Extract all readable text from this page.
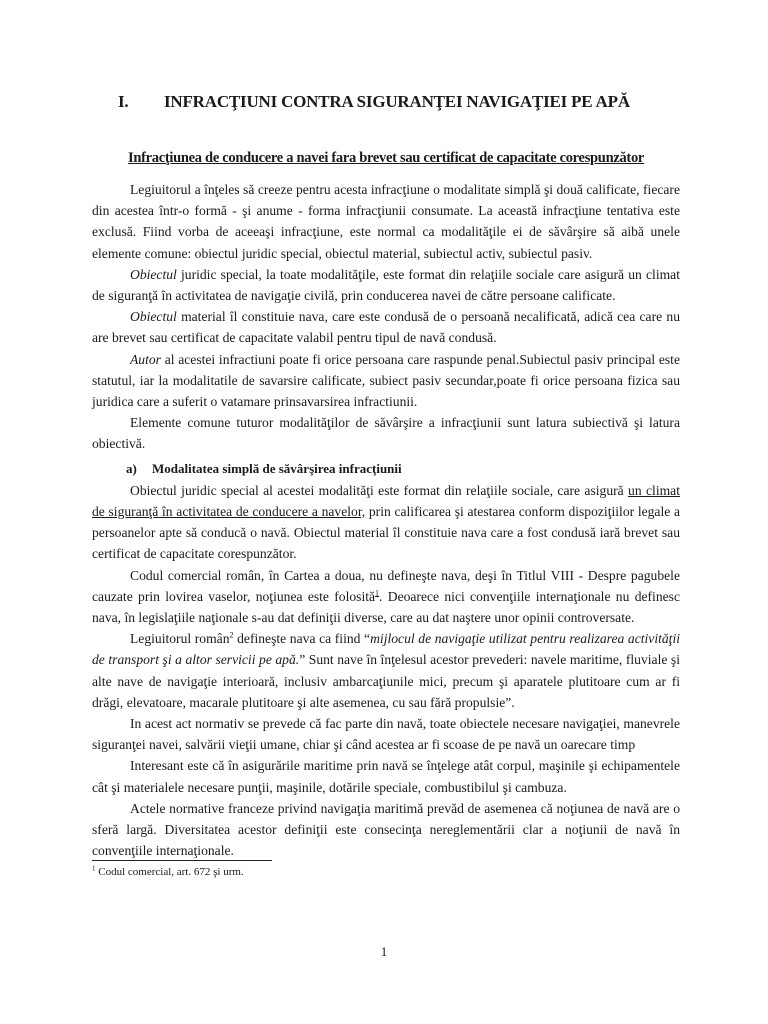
I. INFRACŢIUNI CONTRA SIGURANŢEI NAVIGAŢIEI PE APĂ
Infracţiunea de conducere a navei fara brevet sau certificat de capacitate corespunzător

Legiuitorul a înţeles să creeze pentru acesta infracţiune o modalitate simplă şi două calificate, fiecare din acestea într-o formă - şi anume - forma infracţiunii consumate. La această infracţiune tentativa este exclusă. Fiind vorba de aceeaşi infracţiune, este normal ca modalităţile ei de săvârşire să aibă unele elemente comune: obiectul juridic special, obiectul material, subiectul activ, subiectul pasiv.

Obiectul juridic special, la toate modalităţile, este format din relaţiile sociale care asigură un climat de siguranţă în activitatea de navigaţie civilă, prin conducerea navei de către persoane calificate.

Obiectul material îl constituie nava, care este condusă de o persoană necalificată, adică cea care nu are brevet sau certificat de capacitate valabil pentru tipul de navă condusă.

Autor al acestei infractiuni poate fi orice persoana care raspunde penal.Subiectul pasiv principal este statutul, iar la modalitatile de savarsire calificate, subiect pasiv secundar,poate fi orice persoana fizica sau juridica care a suferit o vatamare prinsavarsirea infractiunii.

Elemente comune tuturor modalităţilor de săvârşire a infracţiunii sunt latura subiectivă şi latura obiectivă.

a) Modalitatea simplă de săvârşirea infracţiunii

Obiectul juridic special al acestei modalităţi este format din relaţiile sociale, care asigură un climat de siguranţă în activitatea de conducere a navelor, prin calificarea şi atestarea conform dispoziţiilor legale a persoanelor apte să conducă o navă. Obiectul material îl constituie nava care a fost condusă iară brevet sau certificat de capacitate corespunzător.

Codul comercial român, în Cartea a doua, nu defineşte nava, deşi în Titlul VIII - Despre pagubele cauzate prin lovirea vaselor, noţiunea este folosită$^1$. Deoarece nici convenţiile internaţionale nu definesc nava, în legislaţiile naţionale s-au dat definiţii diverse, care au dat naştere unor opinii controversate.

Legiuitorul român$^2$ defineşte nava ca fiind “mijlocul de navigaţie utilizat pentru realizarea activităţii de transport şi a altor servicii pe apă.” Sunt nave în înţelesul acestor prevederi: navele maritime, fluviale şi alte nave de navigaţie interioară, inclusiv ambarcaţiunile mici, precum şi aparatele plutitoare cum ar fi drăgi, elevatoare, macarale plutitoare şi alte asemenea, cu sau fără propulsie”.

In acest act normativ se prevede că fac parte din navă, toate obiectele necesare navigaţiei, manevrele siguranţei navei, salvării vieţii umane, chiar şi când acestea ar fi scoase de pe navă un oarecare timp

Interesant este că în asigurările maritime prin navă se înţelege atât corpul, maşinile şi echipamentele cât şi materialele necesare punţii, maşinile, dotările speciale, combustibilul şi cambuza.

Actele normative franceze privind navigaţia maritimă prevăd de asemenea că noţiunea de navă are o sferă largă. Diversitatea acestor definiţii este consecinţa nereglementării clar a noţiunii de navă în convenţiile internaţionale.

$^1$ Codul comercial, art. 672 şi urm.
1
